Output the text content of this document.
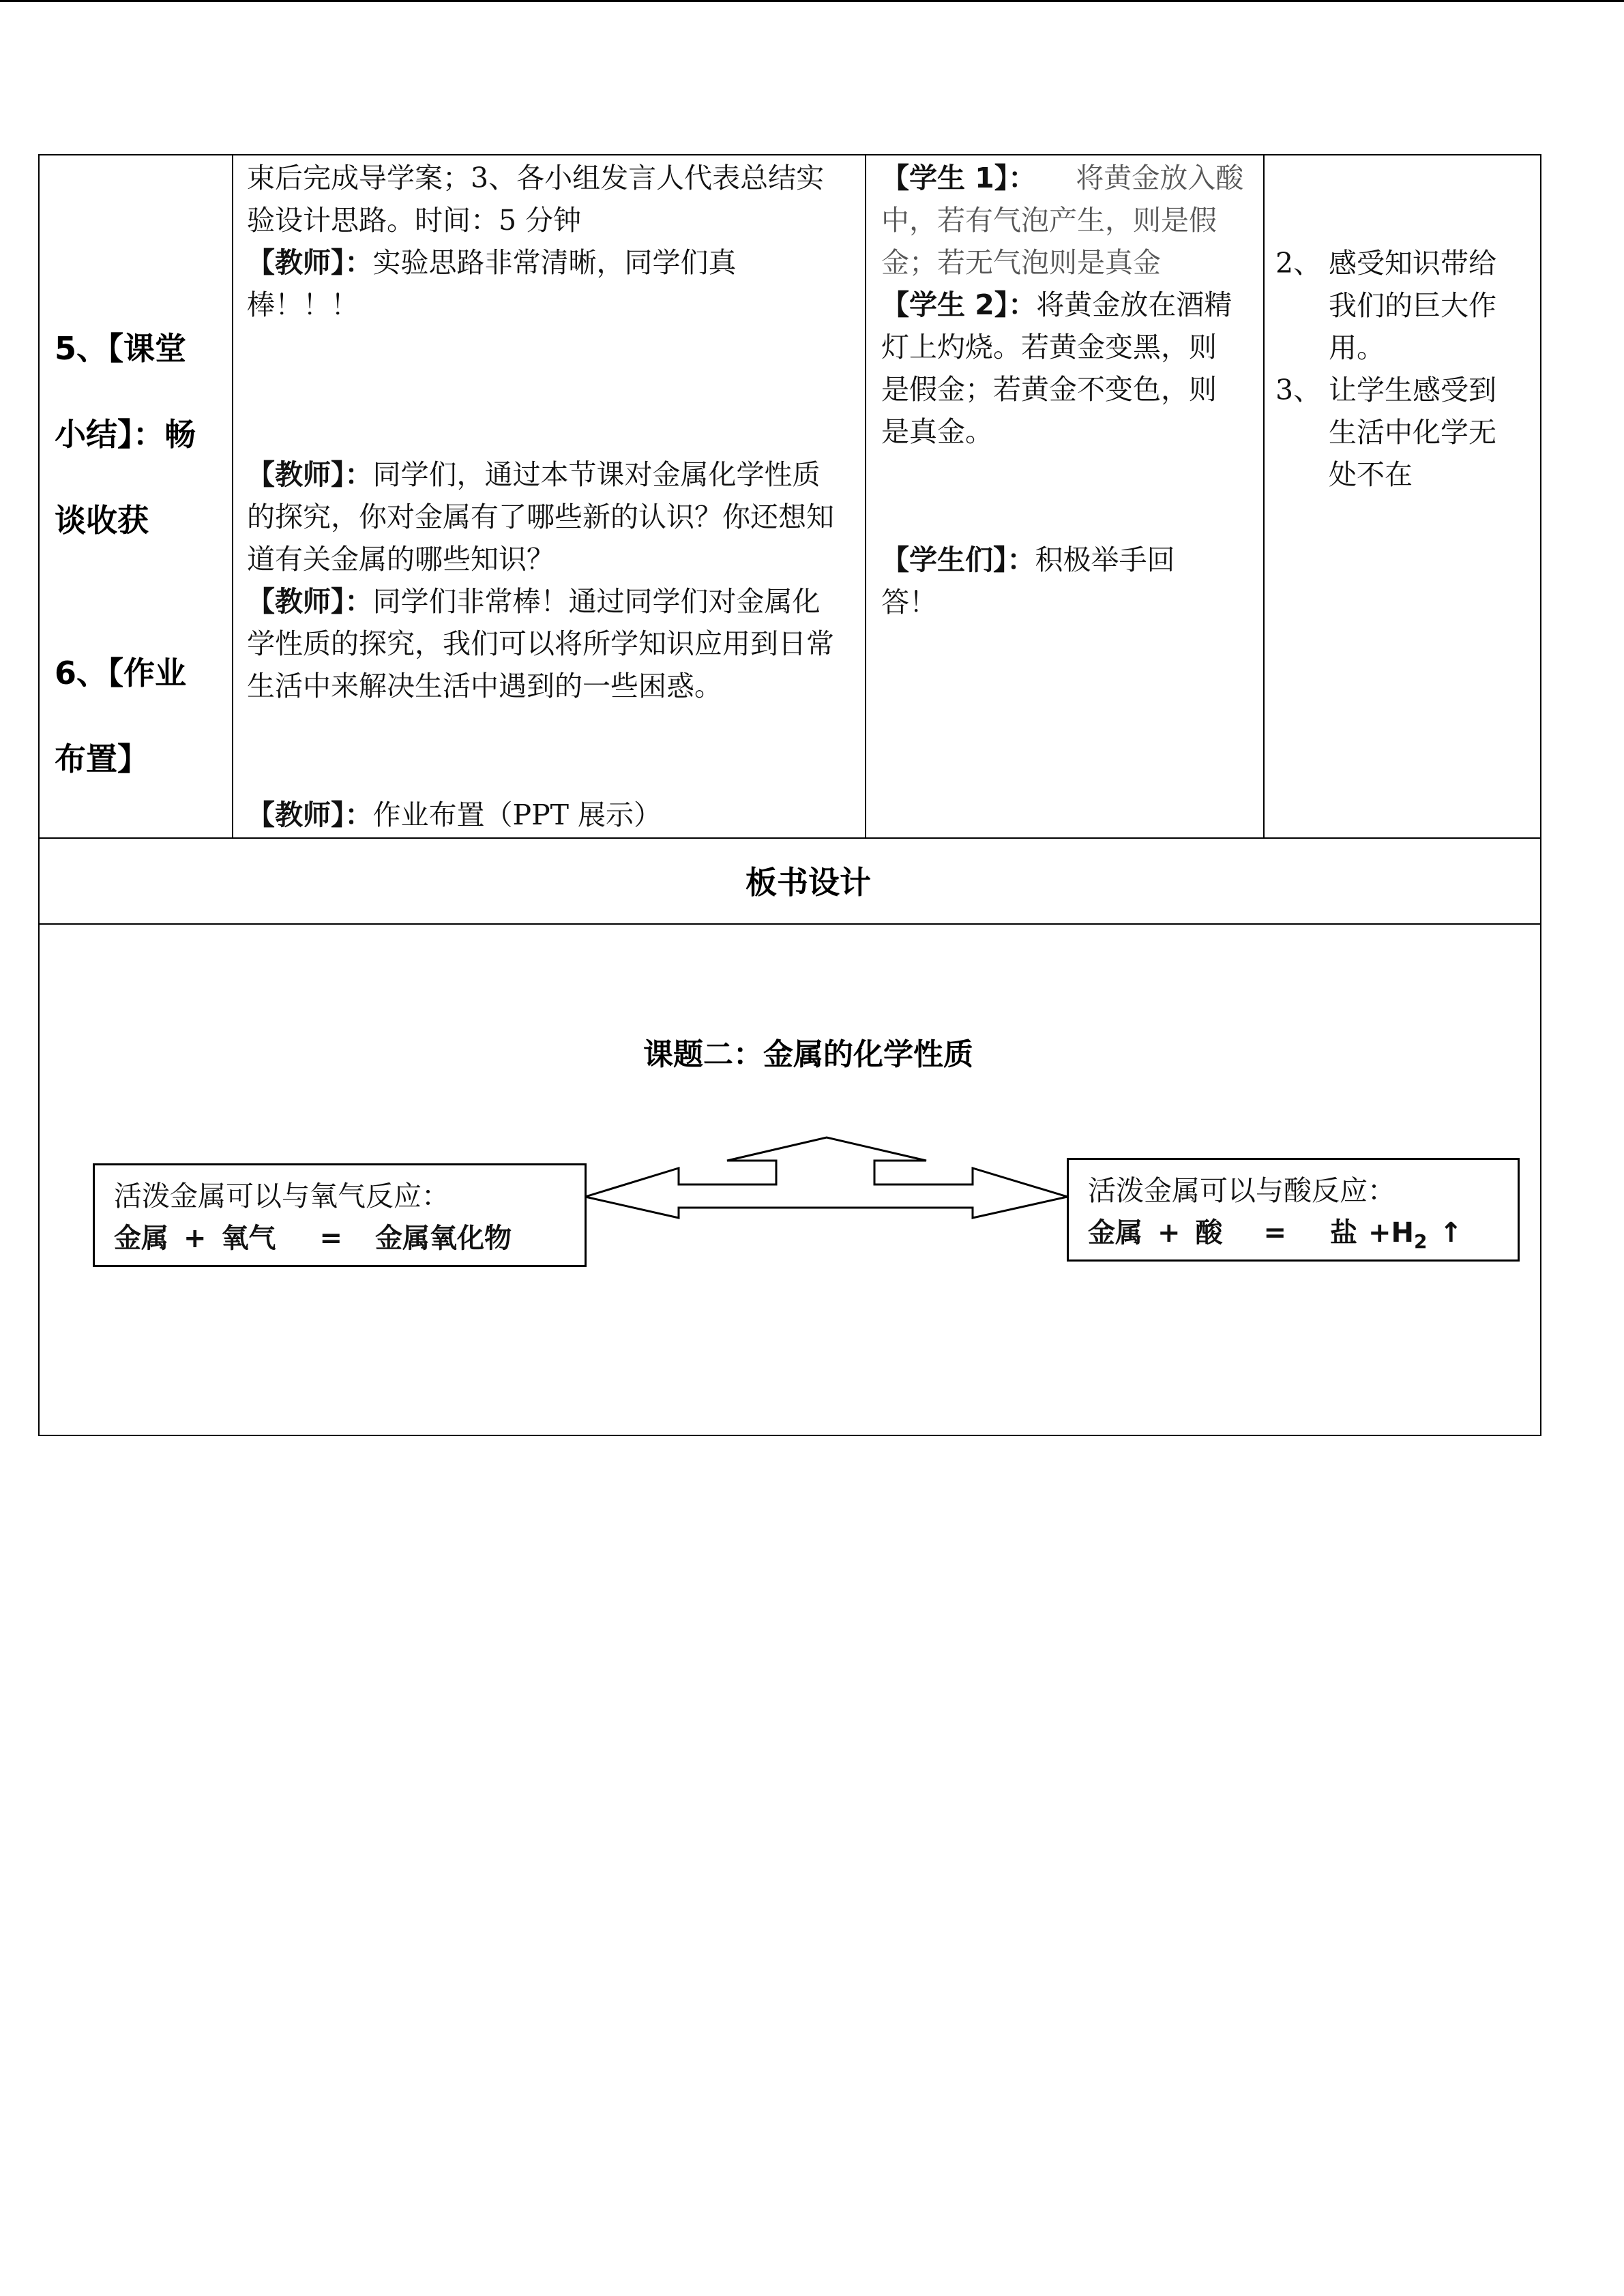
5、【课堂
小结】：畅
谈收获
6、【作业
布置】
束后完成导学案；3、各小组发言人代表总结实
验设计思路。时间：5 分钟
【教师】：实验思路非常清晰，同学们真
棒！！！
【教师】：同学们，通过本节课对金属化学性质
的探究，你对金属有了哪些新的认识？你还想知
道有关金属的哪些知识？
【教师】：同学们非常棒！通过同学们对金属化
学性质的探究，我们可以将所学知识应用到日常
生活中来解决生活中遇到的一些困惑。
【教师】：作业布置（PPT 展示）
【学生 1】： 将黄金放入酸
中，若有气泡产生，则是假
金；若无气泡则是真金
【学生 2】：将黄金放在酒精
灯上灼烧。若黄金变黑，则
是假金；若黄金不变色，则
是真金。
【学生们】：积极举手回
答！
2、 感受知识带给
我们的巨大作
用。
3、 让学生感受到
生活中化学无
处不在
板书设计
课题二：金属的化学性质
活泼金属可以与氧气反应：
金属 + 氧气 = 金属氧化物
活泼金属可以与酸反应：
金属 + 酸 = 盐 $+H_2$ ↑
